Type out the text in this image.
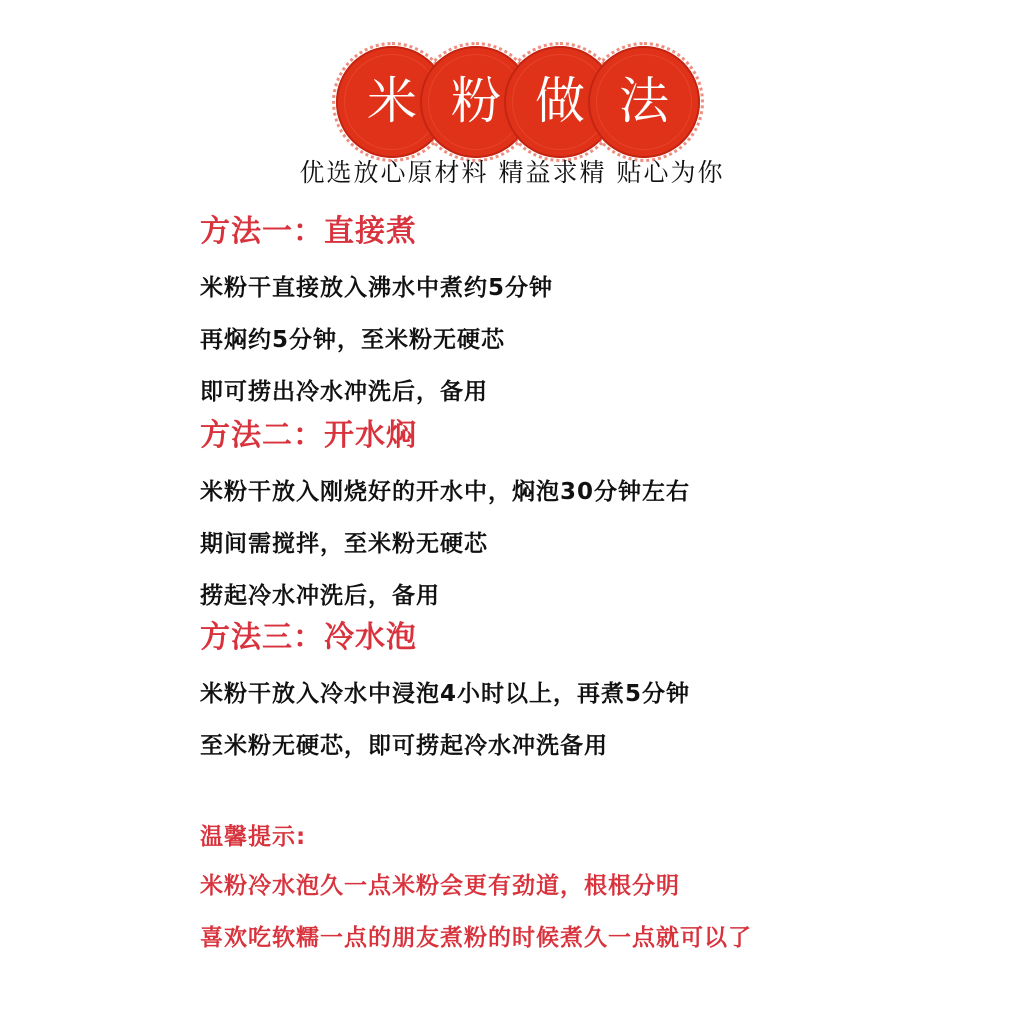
米 粉 做 法

优选放心原材料 精益求精 贴心为你

方法一：直接煮

米粉干直接放入沸水中煮约5分钟

再焖约5分钟，至米粉无硬芯

即可捞出冷水冲洗后，备用

方法二：开水焖

米粉干放入刚烧好的开水中，焖泡30分钟左右

期间需搅拌，至米粉无硬芯

捞起冷水冲洗后，备用

方法三：冷水泡

米粉干放入冷水中浸泡4小时以上，再煮5分钟

至米粉无硬芯，即可捞起冷水冲洗备用

温馨提示:

米粉冷水泡久一点米粉会更有劲道，根根分明

喜欢吃软糯一点的朋友煮粉的时候煮久一点就可以了
